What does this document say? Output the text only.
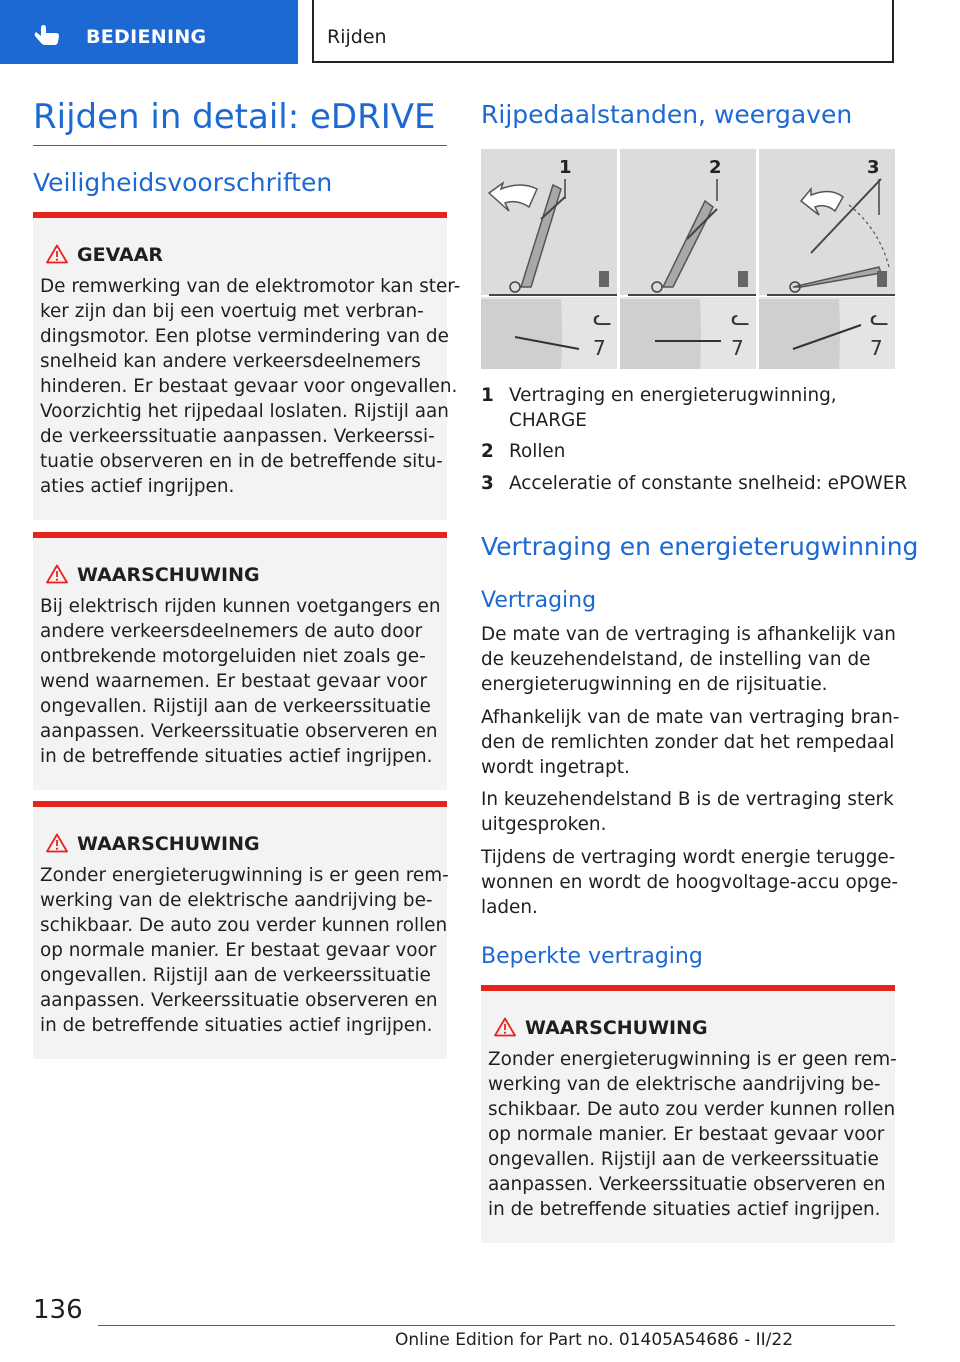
BEDIENING	Rijden
Rijden in detail: eDRIVE
Veiligheidsvoorschriften
GEVAAR
De remwerking van de elektromotor kan ster-
ker zijn dan bij een voertuig met verbran-
dingsmotor. Een plotse vermindering van de
snelheid kan andere verkeersdeelnemers
hinderen. Er bestaat gevaar voor ongevallen.
Voorzichtig het rijpedaal loslaten. Rijstijl aan
de verkeerssituatie aanpassen. Verkeerssi-
tuatie observeren en in de betreffende situ-
aties actief ingrijpen.
WAARSCHUWING
Bij elektrisch rijden kunnen voetgangers en
andere verkeersdeelnemers de auto door
ontbrekende motorgeluiden niet zoals ge-
wend waarnemen. Er bestaat gevaar voor
ongevallen. Rijstijl aan de verkeerssituatie
aanpassen. Verkeerssituatie observeren en
in de betreffende situaties actief ingrijpen.
WAARSCHUWING
Zonder energieterugwinning is er geen rem-
werking van de elektrische aandrijving be-
schikbaar. De auto zou verder kunnen rollen
op normale manier. Er bestaat gevaar voor
ongevallen. Rijstijl aan de verkeerssituatie
aanpassen. Verkeerssituatie observeren en
in de betreffende situaties actief ingrijpen.
Rijpedaalstanden, weergaven
ᓚ
7
ᓚ
7
ᓚ
7
1	2	3
1 Vertraging en energieterugwinning,
CHARGE
2 Rollen
3 Acceleratie of constante snelheid: ePOWER
Vertraging en energieterugwinning
Vertraging
De mate van de vertraging is afhankelijk van
de keuzehendelstand, de instelling van de
energieterugwinning en de rijsituatie.
Afhankelijk van de mate van vertraging bran-
den de remlichten zonder dat het rempedaal
wordt ingetrapt.
In keuzehendelstand B is de vertraging sterk
uitgesproken.
Tijdens de vertraging wordt energie terugge-
wonnen en wordt de hoogvoltage-accu opge-
laden.
Beperkte vertraging
WAARSCHUWING
Zonder energieterugwinning is er geen rem-
werking van de elektrische aandrijving be-
schikbaar. De auto zou verder kunnen rollen
op normale manier. Er bestaat gevaar voor
ongevallen. Rijstijl aan de verkeerssituatie
aanpassen. Verkeerssituatie observeren en
in de betreffende situaties actief ingrijpen.
136
Online Edition for Part no. 01405A54686 - II/22
